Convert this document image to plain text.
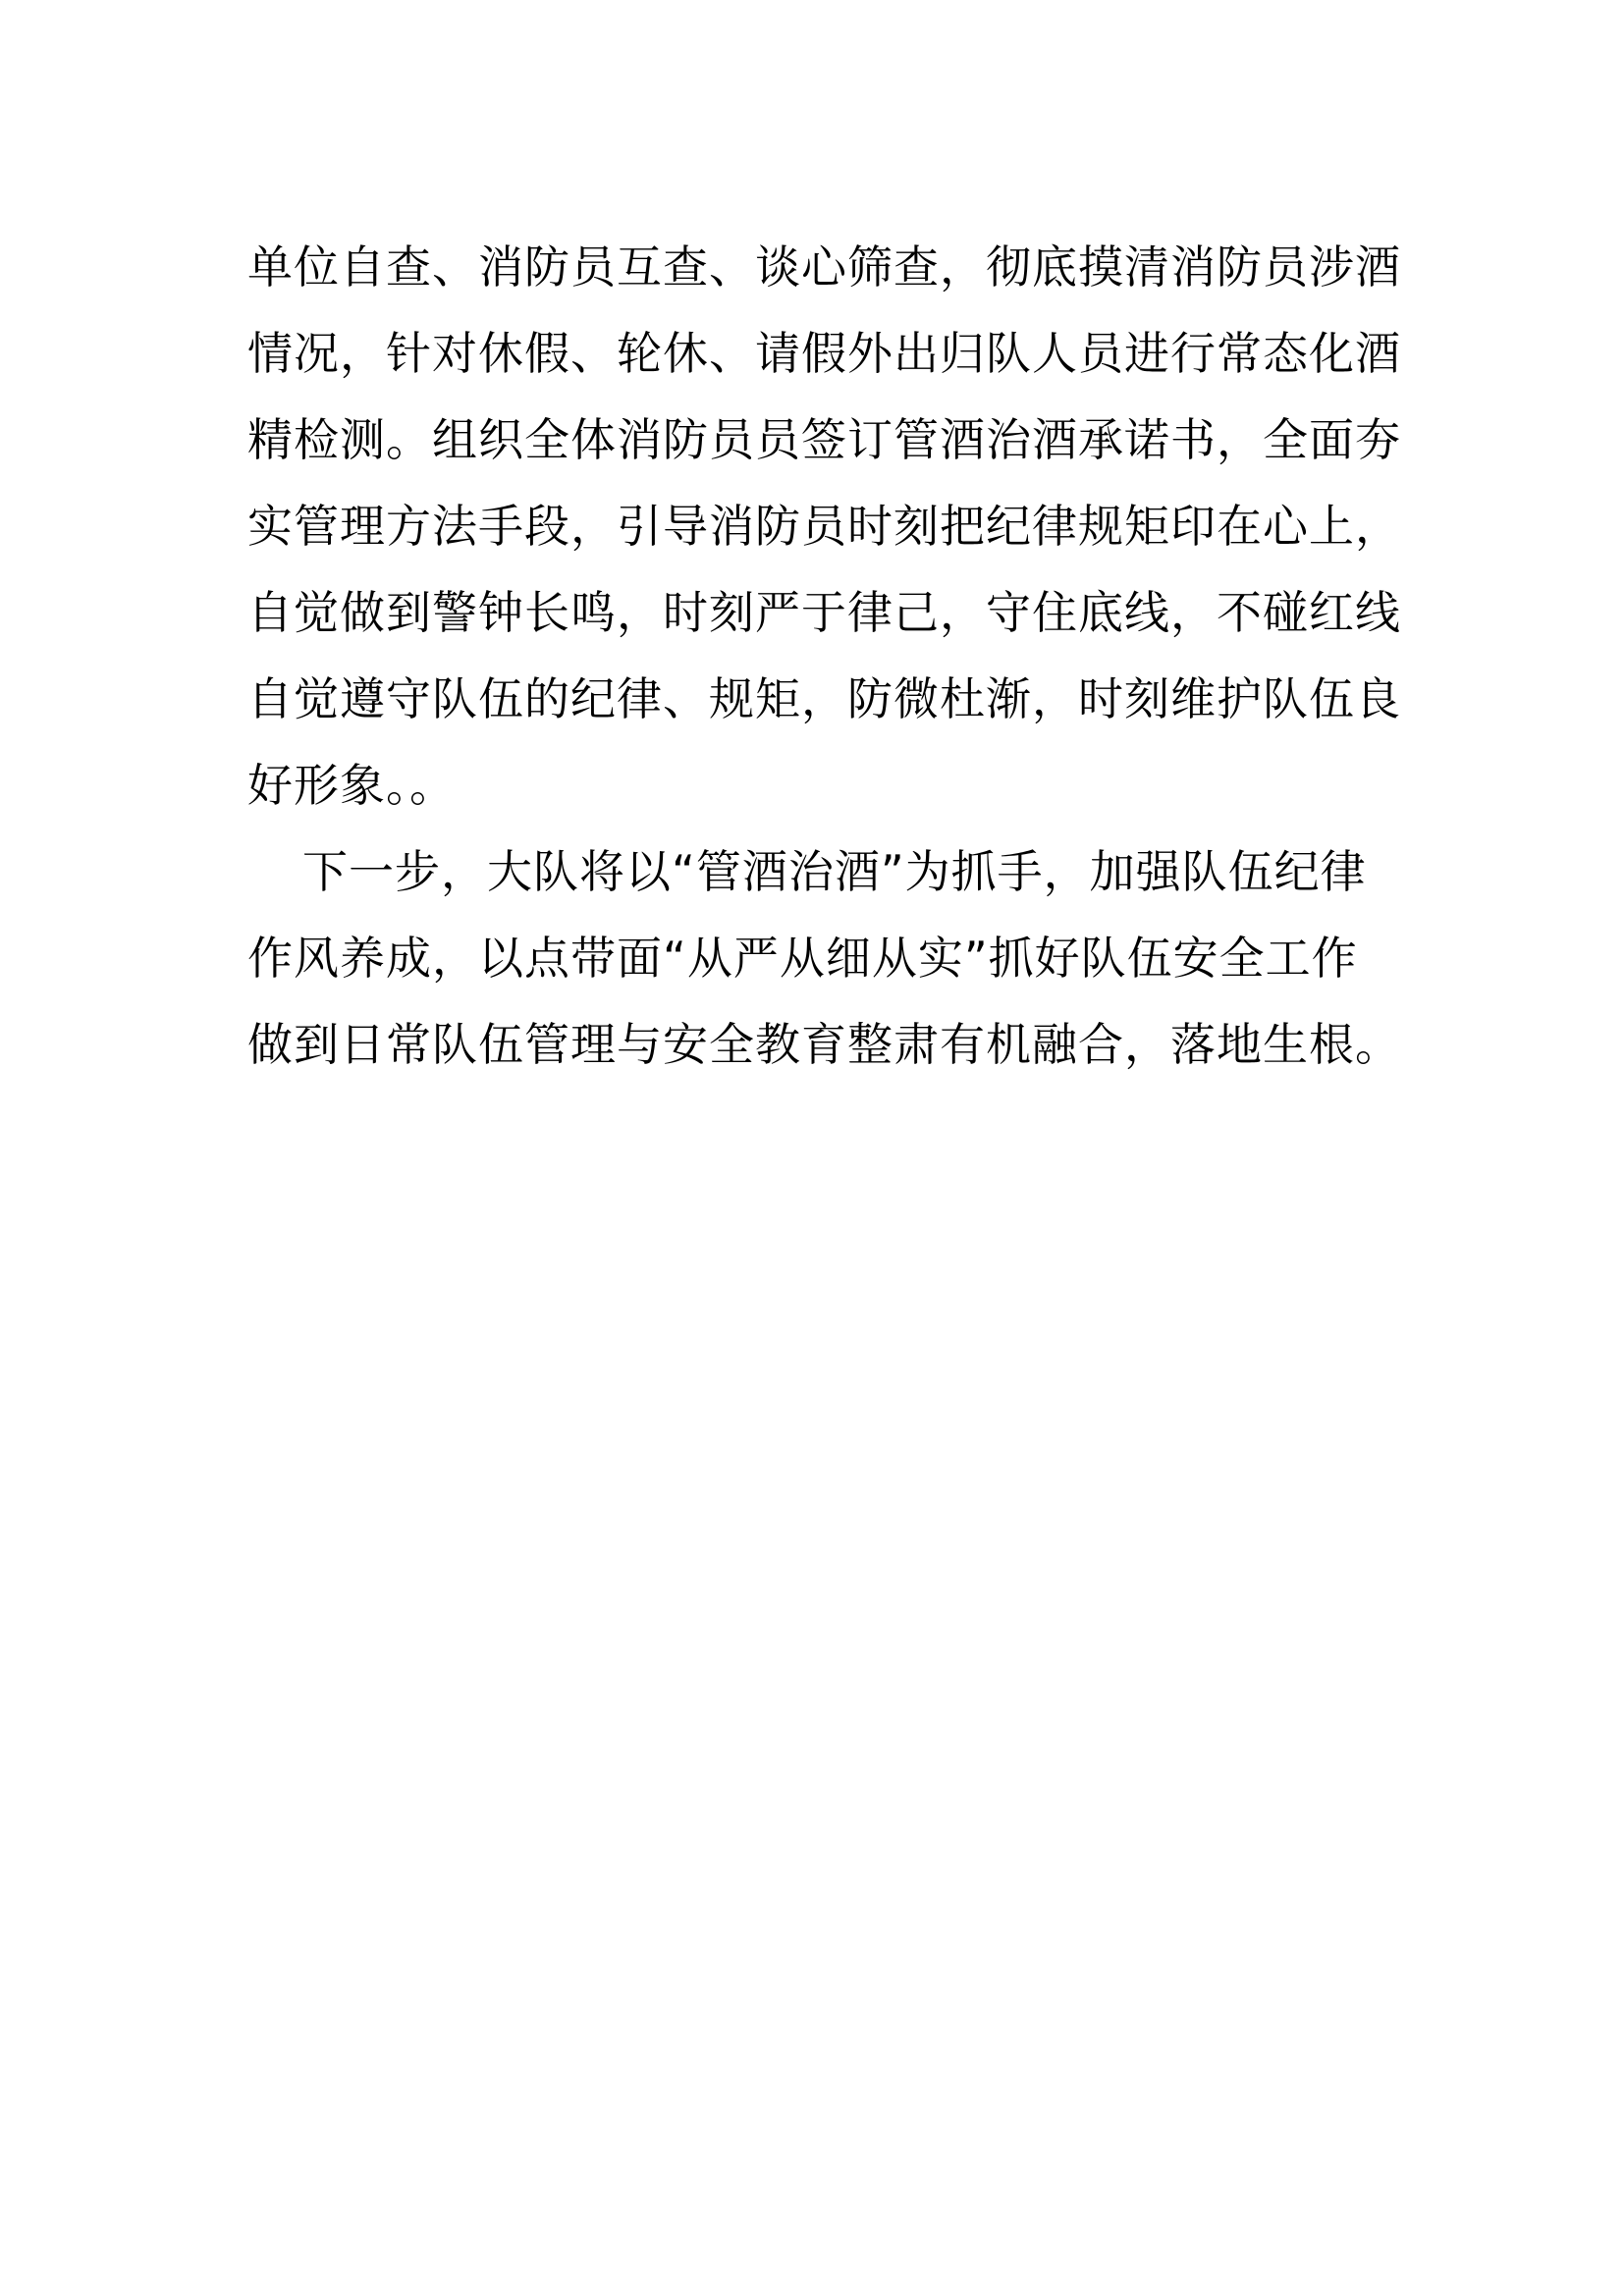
单位自查、消防员互查、谈心筛查，彻底摸清消防员涉酒
情况，针对休假、轮休、请假外出归队人员进行常态化酒
精检测。组织全体消防员员签订管酒治酒承诺书，全面夯
实管理方法手段，引导消防员时刻把纪律规矩印在心上，
自觉做到警钟长鸣，时刻严于律己，守住底线，不碰红线
自觉遵守队伍的纪律、规矩，防微杜渐，时刻维护队伍良
好形象。。
下一步，大队将以“管酒治酒”为抓手，加强队伍纪律
作风养成，以点带面“从严从细从实”抓好队伍安全工作
做到日常队伍管理与安全教育整肃有机融合，落地生根。
